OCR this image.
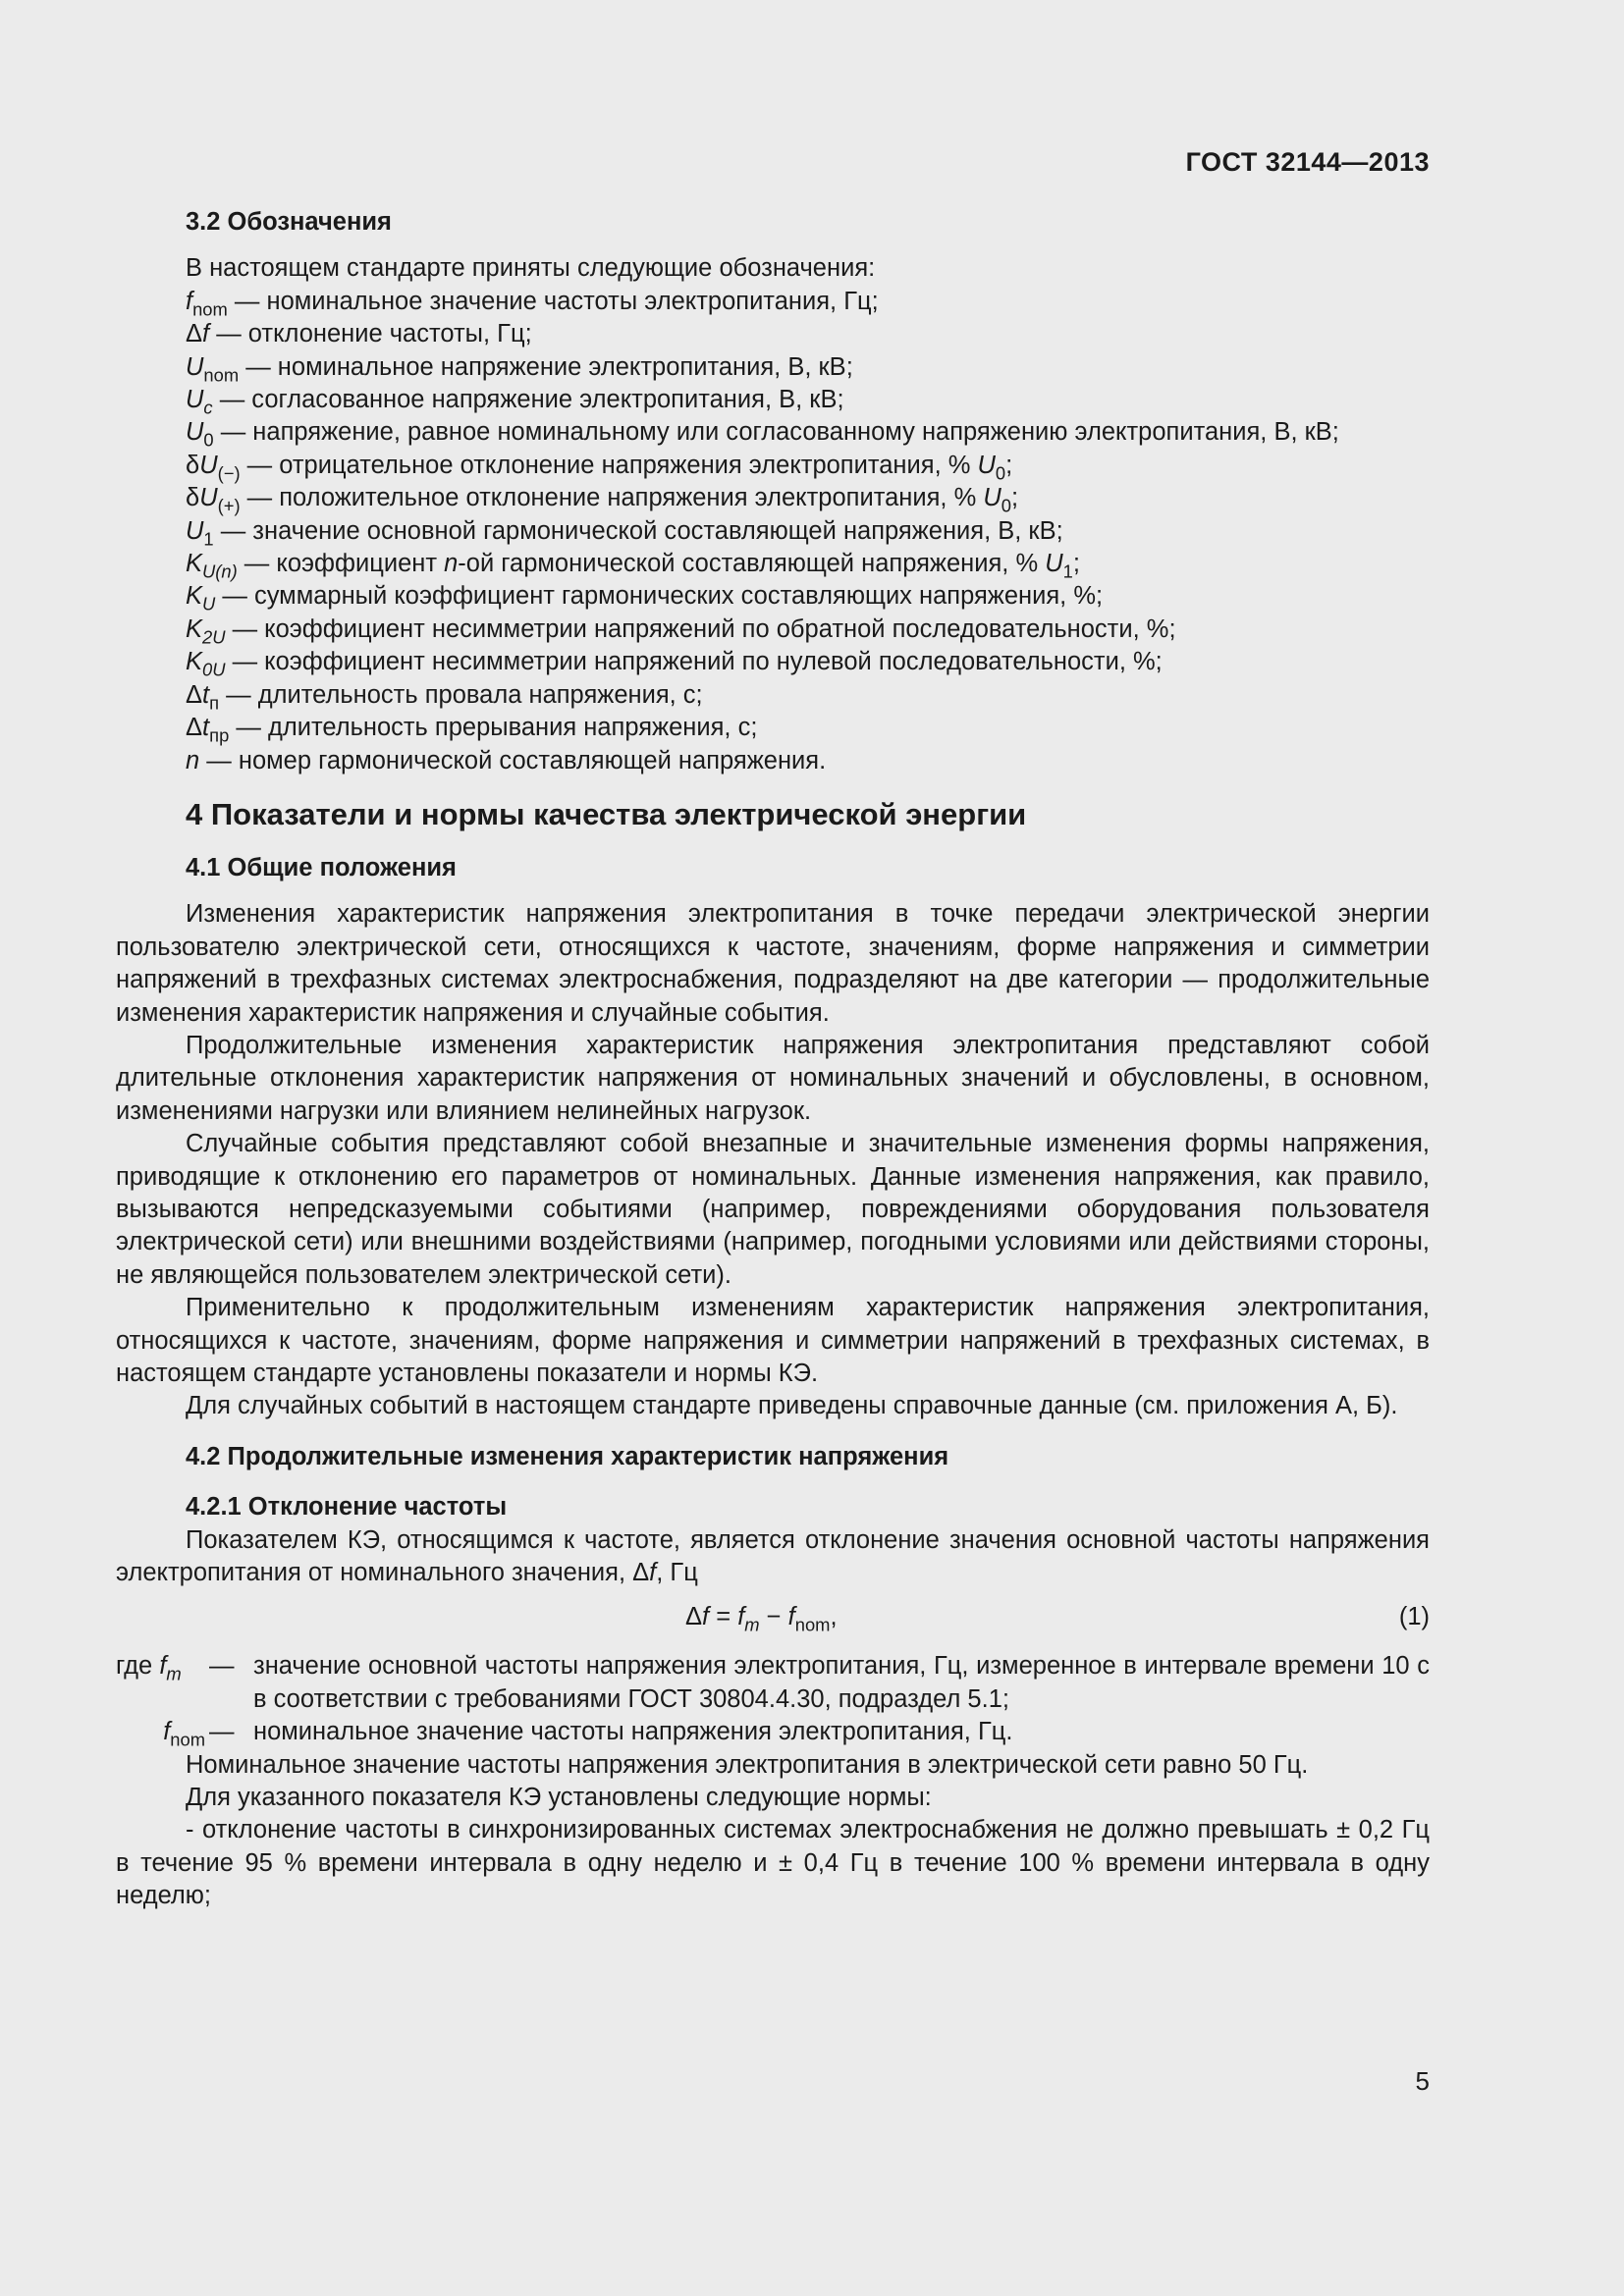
ГОСТ 32144—2013
3.2 Обозначения
В настоящем стандарте приняты следующие обозначения:
$f_{nom}$ — номинальное значение частоты электропитания, Гц;
Δf — отклонение частоты, Гц;
$U_{nom}$ — номинальное напряжение электропитания, В, кВ;
$U_c$ — согласованное напряжение электропитания, В, кВ;
$U_0$ — напряжение, равное номинальному или согласованному напряжению электропитания, В, кВ;
$\delta U_{(-)}$ — отрицательное отклонение напряжения электропитания, % $U_0$;
$\delta U_{(+)}$ — положительное отклонение напряжения электропитания, % $U_0$;
$U_1$ — значение основной гармонической составляющей напряжения, В, кВ;
$K_{U(n)}$ — коэффициент n-ой гармонической составляющей напряжения, % $U_1$;
$K_U$ — суммарный коэффициент гармонических составляющих напряжения, %;
$K_{2U}$ — коэффициент несимметрии напряжений по обратной последовательности, %;
$K_{0U}$ — коэффициент несимметрии напряжений по нулевой последовательности, %;
$\Delta t_п$ — длительность провала напряжения, с;
$\Delta t_{пр}$ — длительность прерывания напряжения, с;
n — номер гармонической составляющей напряжения.
4 Показатели и нормы качества электрической энергии
4.1 Общие положения

Изменения характеристик напряжения электропитания в точке передачи электрической энергии пользователю электрической сети, относящихся к частоте, значениям, форме напряжения и симметрии напряжений в трехфазных системах электроснабжения, подразделяют на две категории — продолжительные изменения характеристик напряжения и случайные события.

Продолжительные изменения характеристик напряжения электропитания представляют собой длительные отклонения характеристик напряжения от номинальных значений и обусловлены, в основном, изменениями нагрузки или влиянием нелинейных нагрузок.

Случайные события представляют собой внезапные и значительные изменения формы напряжения, приводящие к отклонению его параметров от номинальных. Данные изменения напряжения, как правило, вызываются непредсказуемыми событиями (например, повреждениями оборудования пользователя электрической сети) или внешними воздействиями (например, погодными условиями или действиями стороны, не являющейся пользователем электрической сети).

Применительно к продолжительным изменениям характеристик напряжения электропитания, относящихся к частоте, значениям, форме напряжения и симметрии напряжений в трехфазных системах, в настоящем стандарте установлены показатели и нормы КЭ.

Для случайных событий в настоящем стандарте приведены справочные данные (см. приложения А, Б).

4.2 Продолжительные изменения характеристик напряжения
4.2.1 Отклонение частоты

Показателем КЭ, относящимся к частоте, является отклонение значения основной частоты напряжения электропитания от номинального значения, Δf, Гц

$\Delta f = f_m - f_{nom}$,	(1)
где $f_m$	— значение основной частоты напряжения электропитания, Гц, измеренное в интервале времени 10 с в соответствии с требованиями ГОСТ 30804.4.30, подраздел 5.1;
$f_{nom}$ — номинальное значение частоты напряжения электропитания, Гц.

Номинальное значение частоты напряжения электропитания в электрической сети равно 50 Гц.

Для указанного показателя КЭ установлены следующие нормы:

- отклонение частоты в синхронизированных системах электроснабжения не должно превышать ± 0,2 Гц в течение 95 % времени интервала в одну неделю и ± 0,4 Гц в течение 100 % времени интервала в одну неделю;

5
